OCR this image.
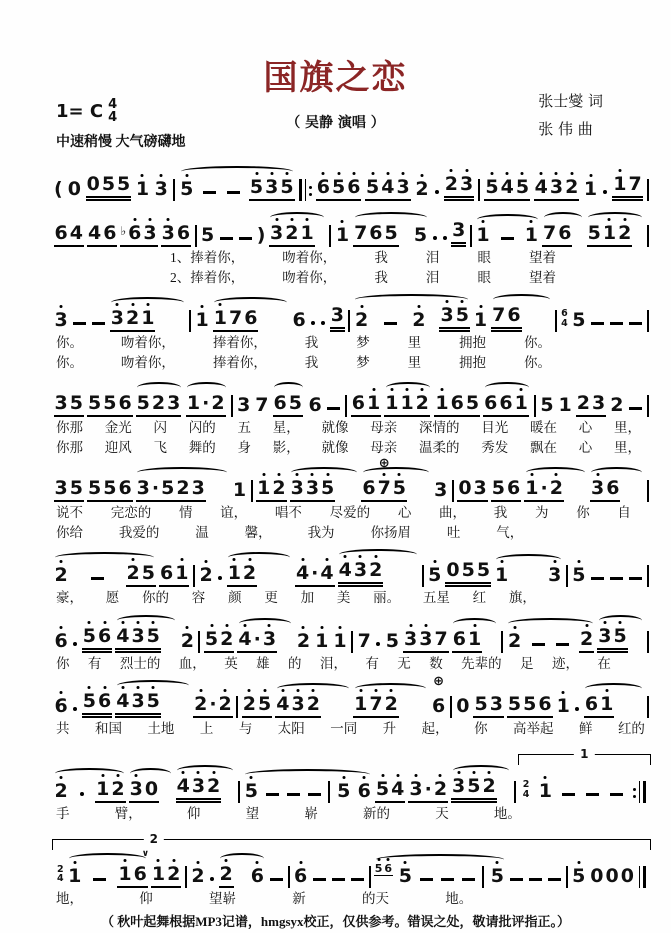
国旗之恋
（ 吴静 演唱 ）
张士燮 词
张 伟 曲
1= C 4
4
中速稍慢 大气磅礴地
( 0 0 5 5 1 3 5	5 3 5 6 5 6 5 4 3 2 2 3 5 4 5 4 3 2 1 1 7
6 4 4 6 ♭ 6 3 3 6 5 ) 3 2 1 1 7 6 5 5 3 1 1 7 6 5 1 2
1、捧着你，	吻着你，	我	泪	眼	望着
2、捧着你，	吻着你，	我	泪	眼	望着
3 3 2 1 1 1 7 6 6 3 2 2 3 5 1 7 6	6
4 5
你。	吻着你，	捧着你，	我	梦	里	拥抱	你。
你。	吻着你，	捧着你，	我	梦	里	拥抱	你。
3 5 5 5 6 5 2 3 1 · 2 3 7 6 5 6 6 1 1 1 2 1 6 5 6 6 1 5 1 2 3 2
你那 金光 闪 闪的 五 星， 就像 母亲 深情的 目光 暖在 心 里，
你那 迎风 飞 舞的 身 影， 就像 母亲 温柔的 秀发 飘在 心 里，
3 5 5 5 6 3 · 5 2 3 1 1 2 3 3 5 6 7
⊕
5 3 0 3 5 6 1 · 2 3 6
说不 完恋的 情 谊， 唱不 尽爱的 心 曲， 我 为 你 自
你给	我爱的	温	馨，	我为	你扬眉	吐	气，
2	2 5 6 1 2 1 2 4 · 4 4 3 2 5 0 5 5 1 3 5
豪， 愿 你的 容 颜 更 加 美 丽。 五星 红 旗，
6 5 6 4 3 5 2 5 2 4 · 3 2 1 1 7 5 3 3 7 6 1 2	2 3 5
你 有 烈士的 血， 英 雄 的 泪， 有 无 数 先辈的 足 迹， 在
6 5 6 4 3 5 2 · 2 2 5 4 3 2 1 7 2 6
⊕
0 5 3 5 5 6 1 6 1
共 和国 土地 上 与 太阳 一同 升 起， 你 高举起 鲜 红的
2 1 2 3 0 4 3 2 5	5 6 5 4 3 · 2 3 5 2
1
2
4 1
手	臂，	仰	望	崭	新的	天	地。
2
2
4 1 1 6
∨
1 2 2 2 6 6	5 6 5	5	5 0 0 0
地，	仰	望崭	新	的天	地。
（ 秋叶起舞根据MP3记谱，hmgsyx校正，仅供参考。错误之处，敬请批评指正。）
